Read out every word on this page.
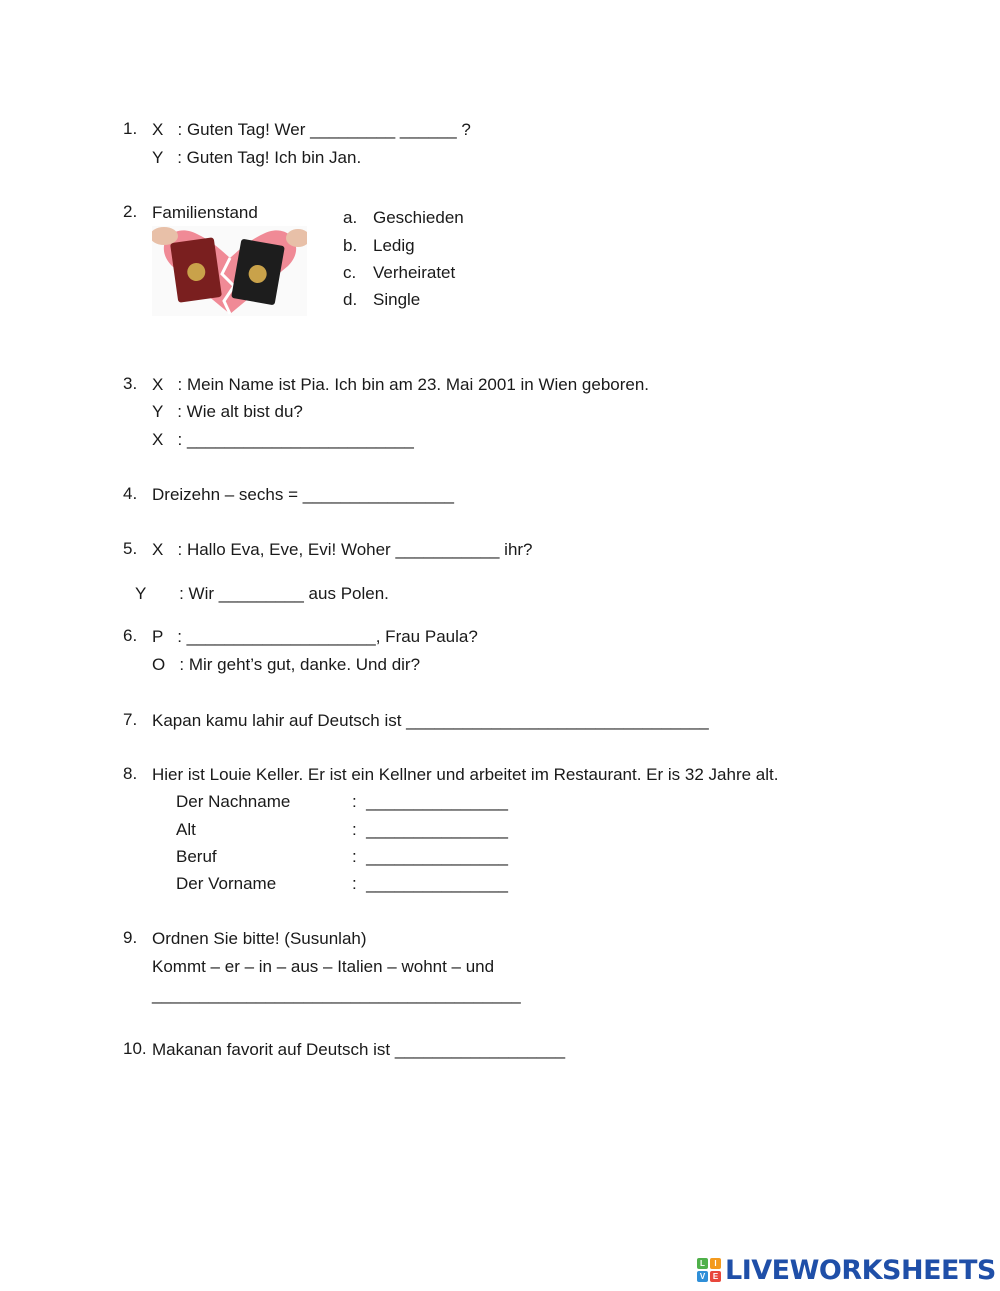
1. X   : Guten Tag! Wer _________ ______ ?
Y   : Guten Tag! Ich bin Jan.
2. Familienstand	a. Geschieden
b. Ledig
c. Verheiratet
d. Single
3. X   : Mein Name ist Pia. Ich bin am 23. Mai 2001 in Wien geboren.
Y   : Wie alt bist du?
X   : ________________________
4. Dreizehn – sechs = ________________
5. X   : Hallo Eva, Eve, Evi! Woher ___________ ihr?
Y       : Wir _________ aus Polen.
6. P   : ____________________, Frau Paula?
O   : Mir geht’s gut, danke. Und dir?
7. Kapan kamu lahir auf Deutsch ist ________________________________
8. Hier ist Louie Keller. Er ist ein Kellner und arbeitet im Restaurant. Er is 32 Jahre alt.
Der Nachname	:  _______________
Alt	:  _______________
Beruf	:  _______________
Der Vorname	:  _______________
9. Ordnen Sie bitte! (Susunlah)
Kommt – er – in – aus – Italien – wohnt – und
_______________________________________
10. Makanan favorit auf Deutsch ist __________________
L	I
V E LIVEWORKSHEETS
